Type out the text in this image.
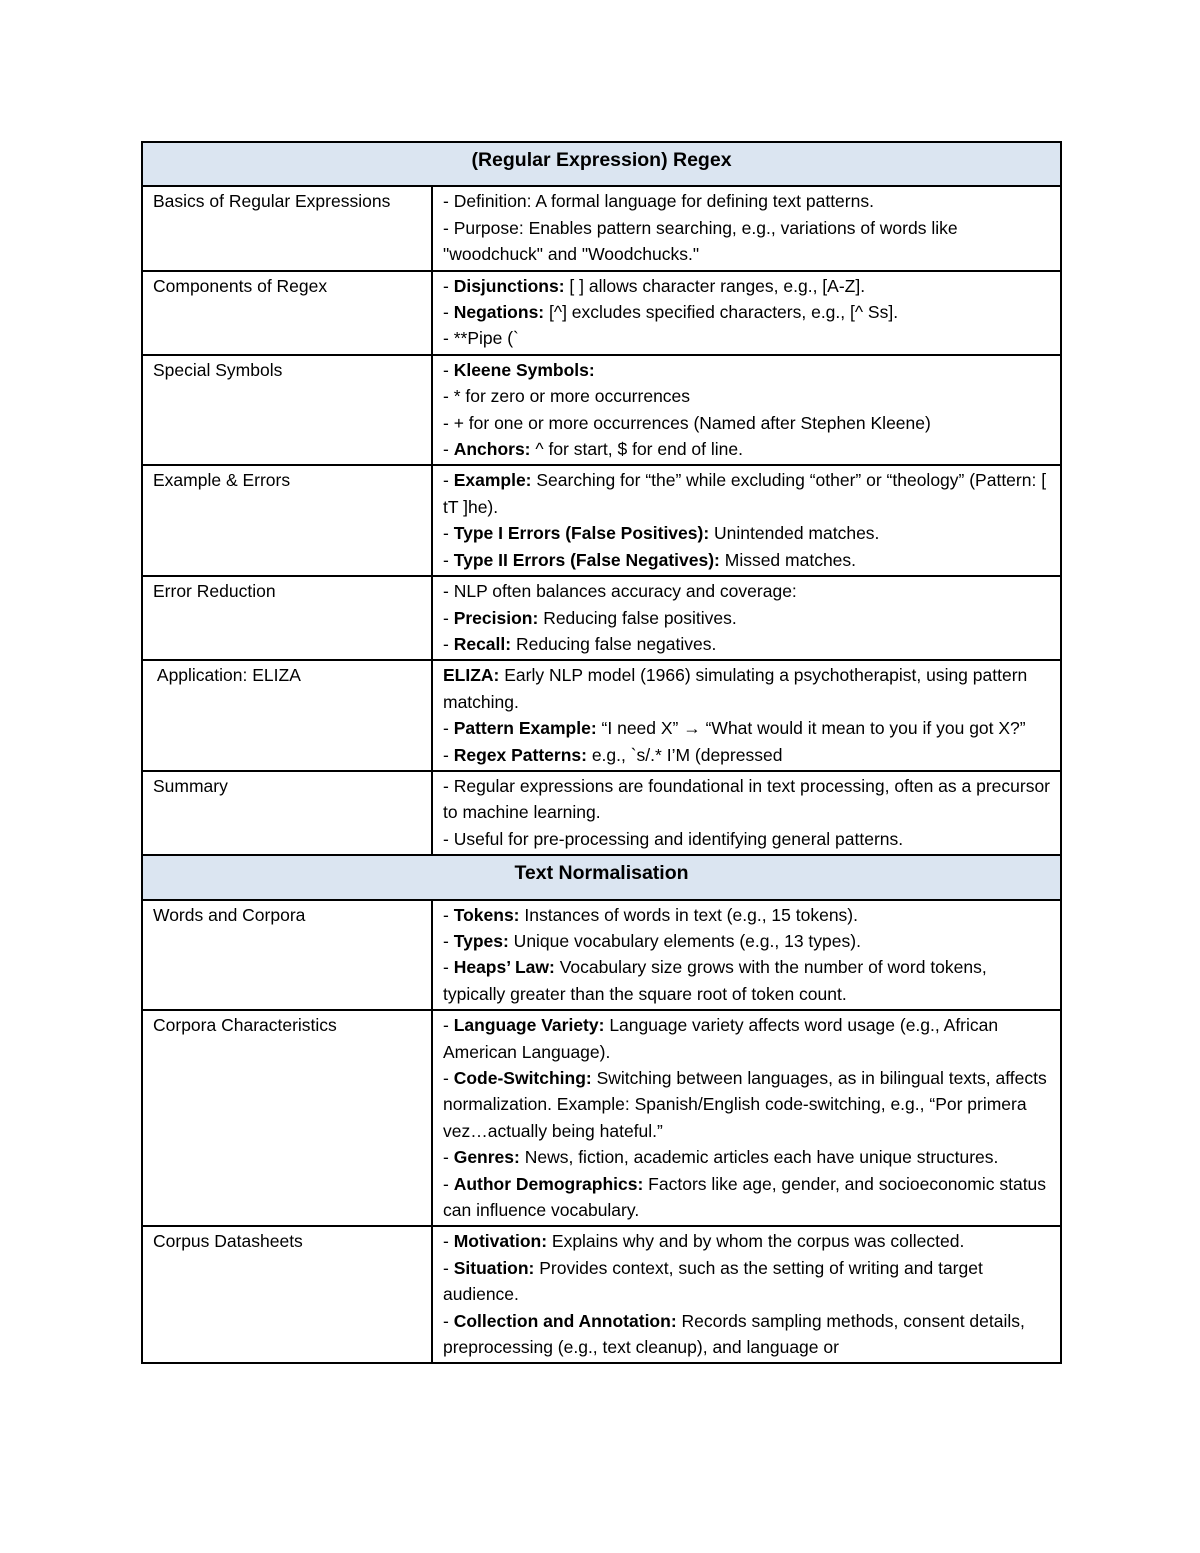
(Regular Expression) Regex	
Basics of Regular Expressions	- Definition: A formal language for defining text patterns.
- Purpose: Enables pattern searching, e.g., variations of words like "woodchuck" and "Woodchucks."

Components of Regex	- Disjunctions: [ ] allows character ranges, e.g., [A-Z].
- Negations: [^] excludes specified characters, e.g., [^ Ss].
- **Pipe (`

Special Symbols	- Kleene Symbols:
- * for zero or more occurrences
- + for one or more occurrences (Named after Stephen Kleene)
- Anchors: ^ for start, $ for end of line.

Example & Errors	- Example: Searching for “the” while excluding “other” or “theology” (Pattern: [ tT ]he).
- Type I Errors (False Positives): Unintended matches.
- Type II Errors (False Negatives): Missed matches.

Error Reduction	- NLP often balances accuracy and coverage:
- Precision: Reducing false positives.
- Recall: Reducing false negatives.

Application: ELIZA	ELIZA: Early NLP model (1966) simulating a psychotherapist, using pattern matching.
- Pattern Example: “I need X” → “What would it mean to you if you got X?”
- Regex Patterns: e.g., `s/.* I’M (depressed

Summary	- Regular expressions are foundational in text processing, often as a precursor to machine learning.
- Useful for pre-processing and identifying general patterns.

Text Normalisation	
Words and Corpora	- Tokens: Instances of words in text (e.g., 15 tokens).
- Types: Unique vocabulary elements (e.g., 13 types).
- Heaps’ Law: Vocabulary size grows with the number of word tokens, typically greater than the square root of token count.

Corpora Characteristics	- Language Variety: Language variety affects word usage (e.g., African American Language).
- Code-Switching: Switching between languages, as in bilingual texts, affects normalization. Example: Spanish/English code-switching, e.g., “Por primera vez…actually being hateful.”
- Genres: News, fiction, academic articles each have unique structures.
- Author Demographics: Factors like age, gender, and socioeconomic status can influence vocabulary.

Corpus Datasheets	- Motivation: Explains why and by whom the corpus was collected.
- Situation: Provides context, such as the setting of writing and target audience.
- Collection and Annotation: Records sampling methods, consent details, preprocessing (e.g., text cleanup), and language or
